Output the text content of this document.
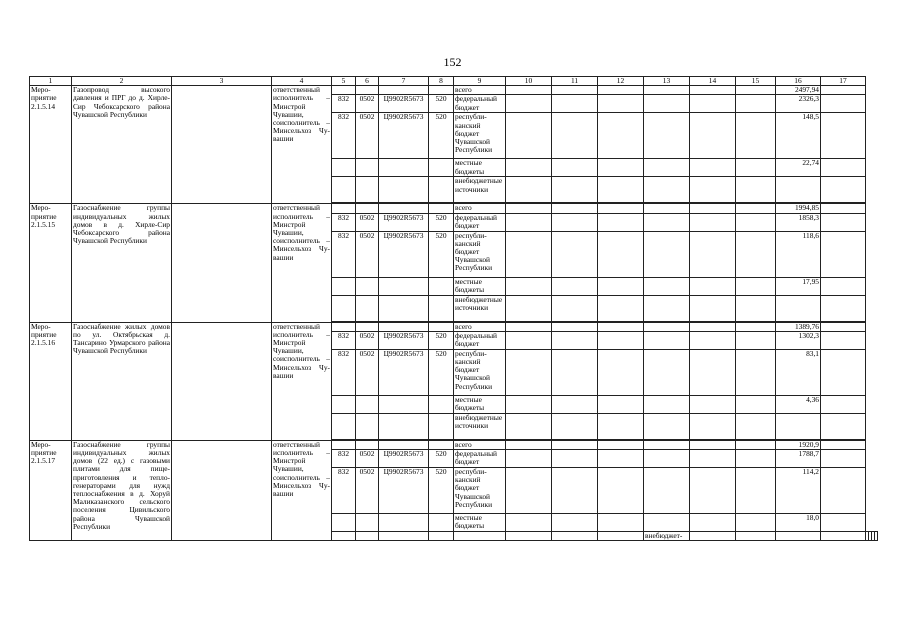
152
1	2	3	4	5	6	7	8	9	10	11	12	13	14	15	16	17				
Мероприятие 2.1.5.14	Газопровод высокого давления и ПРГ до д. Хирле-Сир Чебоксарского района Чувашской Республики		ответственный исполнитель – Минстрой Чувашии, соисполнитель – Минсельхоз Чувашии					всего							2497,94					
				832	0502	Ц9902R5673	520	федеральный бюджет							2326,3					
				832	0502	Ц9902R5673	520	республиканский бюджет Чувашской Республики							148,5					
								местные бюджеты							22,74					
								внебюджетные источники												

Мероприятие 2.1.5.15	Газоснабжение группы индивидуальных жилых домов в д. Хирле-Сир Чебоксарского района Чувашской Республики		ответственный исполнитель – Минстрой Чувашии, соисполнитель – Минсельхоз Чувашии					всего							1994,85					
				832	0502	Ц9902R5673	520	федеральный бюджет							1858,3					
				832	0502	Ц9902R5673	520	республиканский бюджет Чувашской Республики							118,6					
								местные бюджеты							17,95					
								внебюджетные источники												

Мероприятие 2.1.5.16	Газоснабжение жилых домов по ул. Октябрьская д. Тансарино Урмарского района Чувашской Республики		ответственный исполнитель – Минстрой Чувашии, соисполнитель – Минсельхоз Чувашии					всего							1389,76					
				832	0502	Ц9902R5673	520	федеральный бюджет							1302,3					
				832	0502	Ц9902R5673	520	республиканский бюджет Чувашской Республики							83,1					
								местные бюджеты							4,36					
								внебюджетные источники												

Мероприятие 2.1.5.17	Газоснабжение группы индивидуальных жилых домов (22 ед.) с газовыми плитами для пищеприготовления и теплогенераторами для нужд теплоснабжения в д. Хоруй Маликазанского сельского поселения Цивильского района Чувашской Республики		ответственный исполнитель – Минстрой Чувашии, соисполнитель – Минсельхоз Чувашии					всего							1920,9					
				832	0502	Ц9902R5673	520	федеральный бюджет							1788,7					
				832	0502	Ц9902R5673	520	республиканский бюджет Чувашской Республики							114,2					
								местные бюджеты							18,0					
												внебюджет-								
